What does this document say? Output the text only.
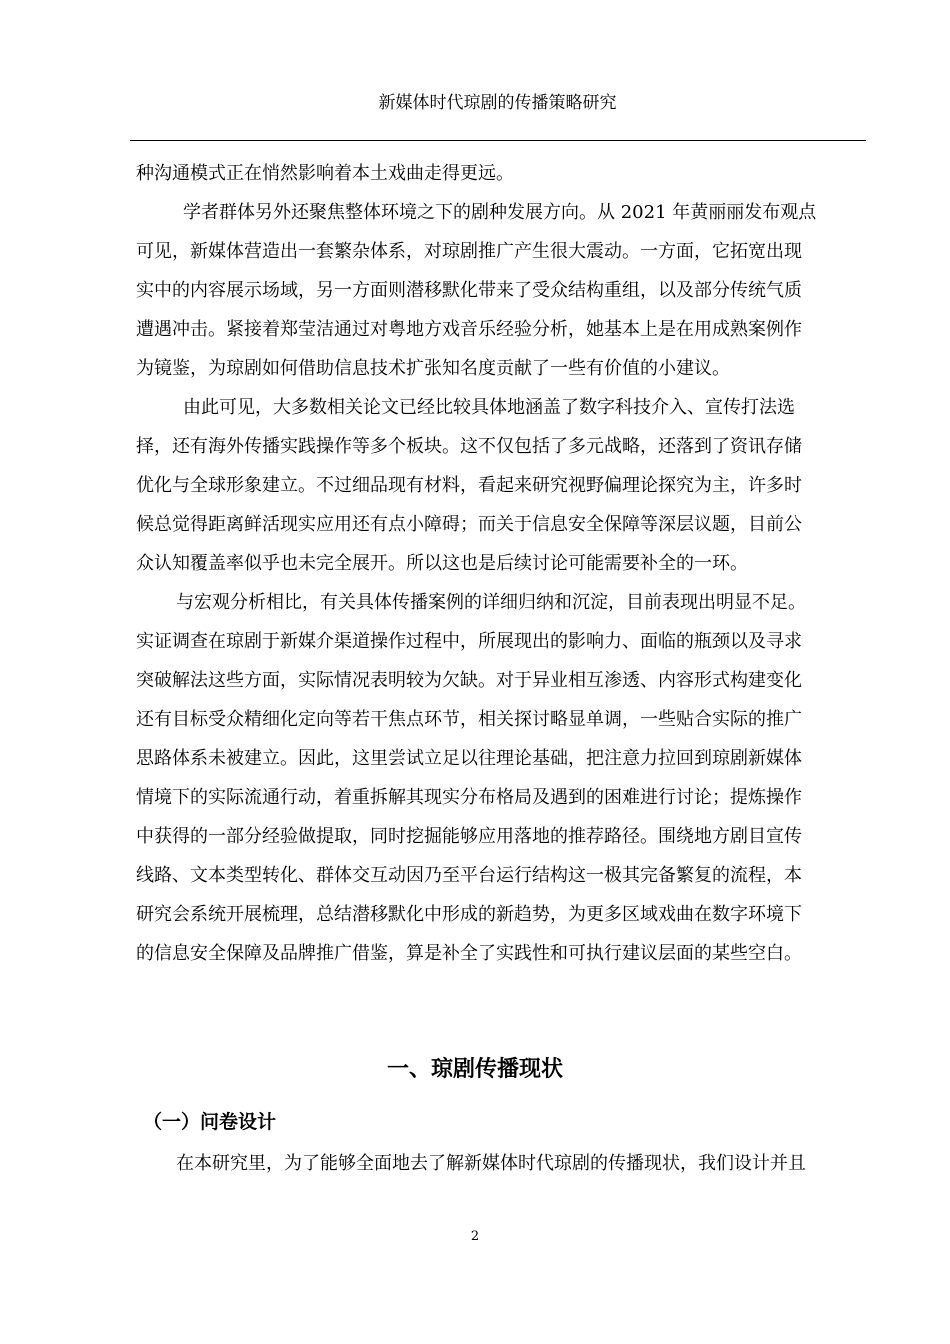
新媒体时代琼剧的传播策略研究
种沟通模式正在悄然影响着本土戏曲走得更远。
学者群体另外还聚焦整体环境之下的剧种发展方向。从 2021 年黄丽丽发布观点
可见，新媒体营造出一套繁杂体系，对琼剧推广产生很大震动。一方面，它拓宽出现
实中的内容展示场域，另一方面则潜移默化带来了受众结构重组，以及部分传统气质
遭遇冲击。紧接着郑莹洁通过对粤地方戏音乐经验分析，她基本上是在用成熟案例作
为镜鉴，为琼剧如何借助信息技术扩张知名度贡献了一些有价值的小建议。
由此可见，大多数相关论文已经比较具体地涵盖了数字科技介入、宣传打法选
择，还有海外传播实践操作等多个板块。这不仅包括了多元战略，还落到了资讯存储
优化与全球形象建立。不过细品现有材料，看起来研究视野偏理论探究为主，许多时
候总觉得距离鲜活现实应用还有点小障碍；而关于信息安全保障等深层议题，目前公
众认知覆盖率似乎也未完全展开。所以这也是后续讨论可能需要补全的一环。
与宏观分析相比，有关具体传播案例的详细归纳和沉淀，目前表现出明显不足。
实证调查在琼剧于新媒介渠道操作过程中，所展现出的影响力、面临的瓶颈以及寻求
突破解法这些方面，实际情况表明较为欠缺。对于异业相互渗透、内容形式构建变化
还有目标受众精细化定向等若干焦点环节，相关探讨略显单调，一些贴合实际的推广
思路体系未被建立。因此，这里尝试立足以往理论基础，把注意力拉回到琼剧新媒体
情境下的实际流通行动，着重拆解其现实分布格局及遇到的困难进行讨论；提炼操作
中获得的一部分经验做提取，同时挖掘能够应用落地的推荐路径。围绕地方剧目宣传
线路、文本类型转化、群体交互动因乃至平台运行结构这一极其完备繁复的流程，本
研究会系统开展梳理，总结潜移默化中形成的新趋势，为更多区域戏曲在数字环境下
的信息安全保障及品牌推广借鉴，算是补全了实践性和可执行建议层面的某些空白。
一、琼剧传播现状
（一）问卷设计
在本研究里，为了能够全面地去了解新媒体时代琼剧的传播现状，我们设计并且
2
